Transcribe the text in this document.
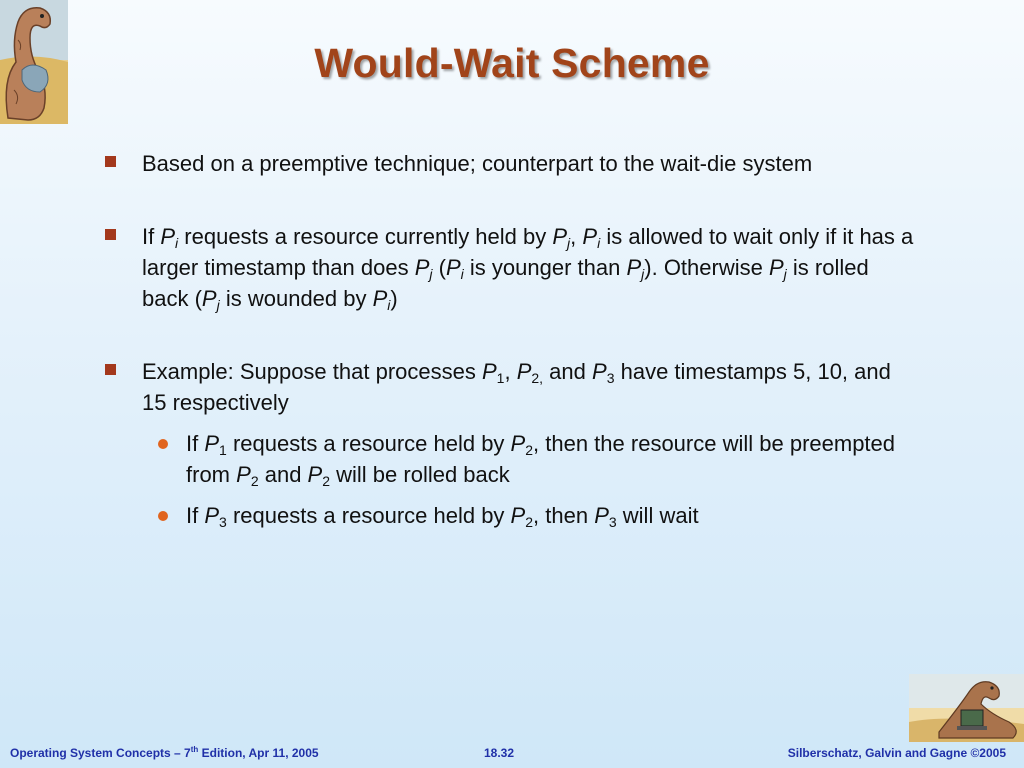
Would-Wait Scheme
Based on a preemptive technique; counterpart to the wait-die system
If $P_i$ requests a resource currently held by $P_j$, $P_i$ is allowed to wait only if it has a larger timestamp than does $P_j$ ($P_i$ is younger than $P_j$). Otherwise $P_j$ is rolled back ($P_j$ is wounded by $P_i$)
Example: Suppose that processes $P_1$, $P_{2,}$ and $P_3$ have timestamps 5, 10, and 15 respectively
If $P_1$ requests a resource held by $P_2$, then the resource will be preempted from $P_2$ and $P_2$ will be rolled back
If $P_3$ requests a resource held by $P_2$, then $P_3$ will wait
Operating System Concepts – 7th Edition, Apr 11, 2005	18.32	Silberschatz, Galvin and Gagne ©2005
